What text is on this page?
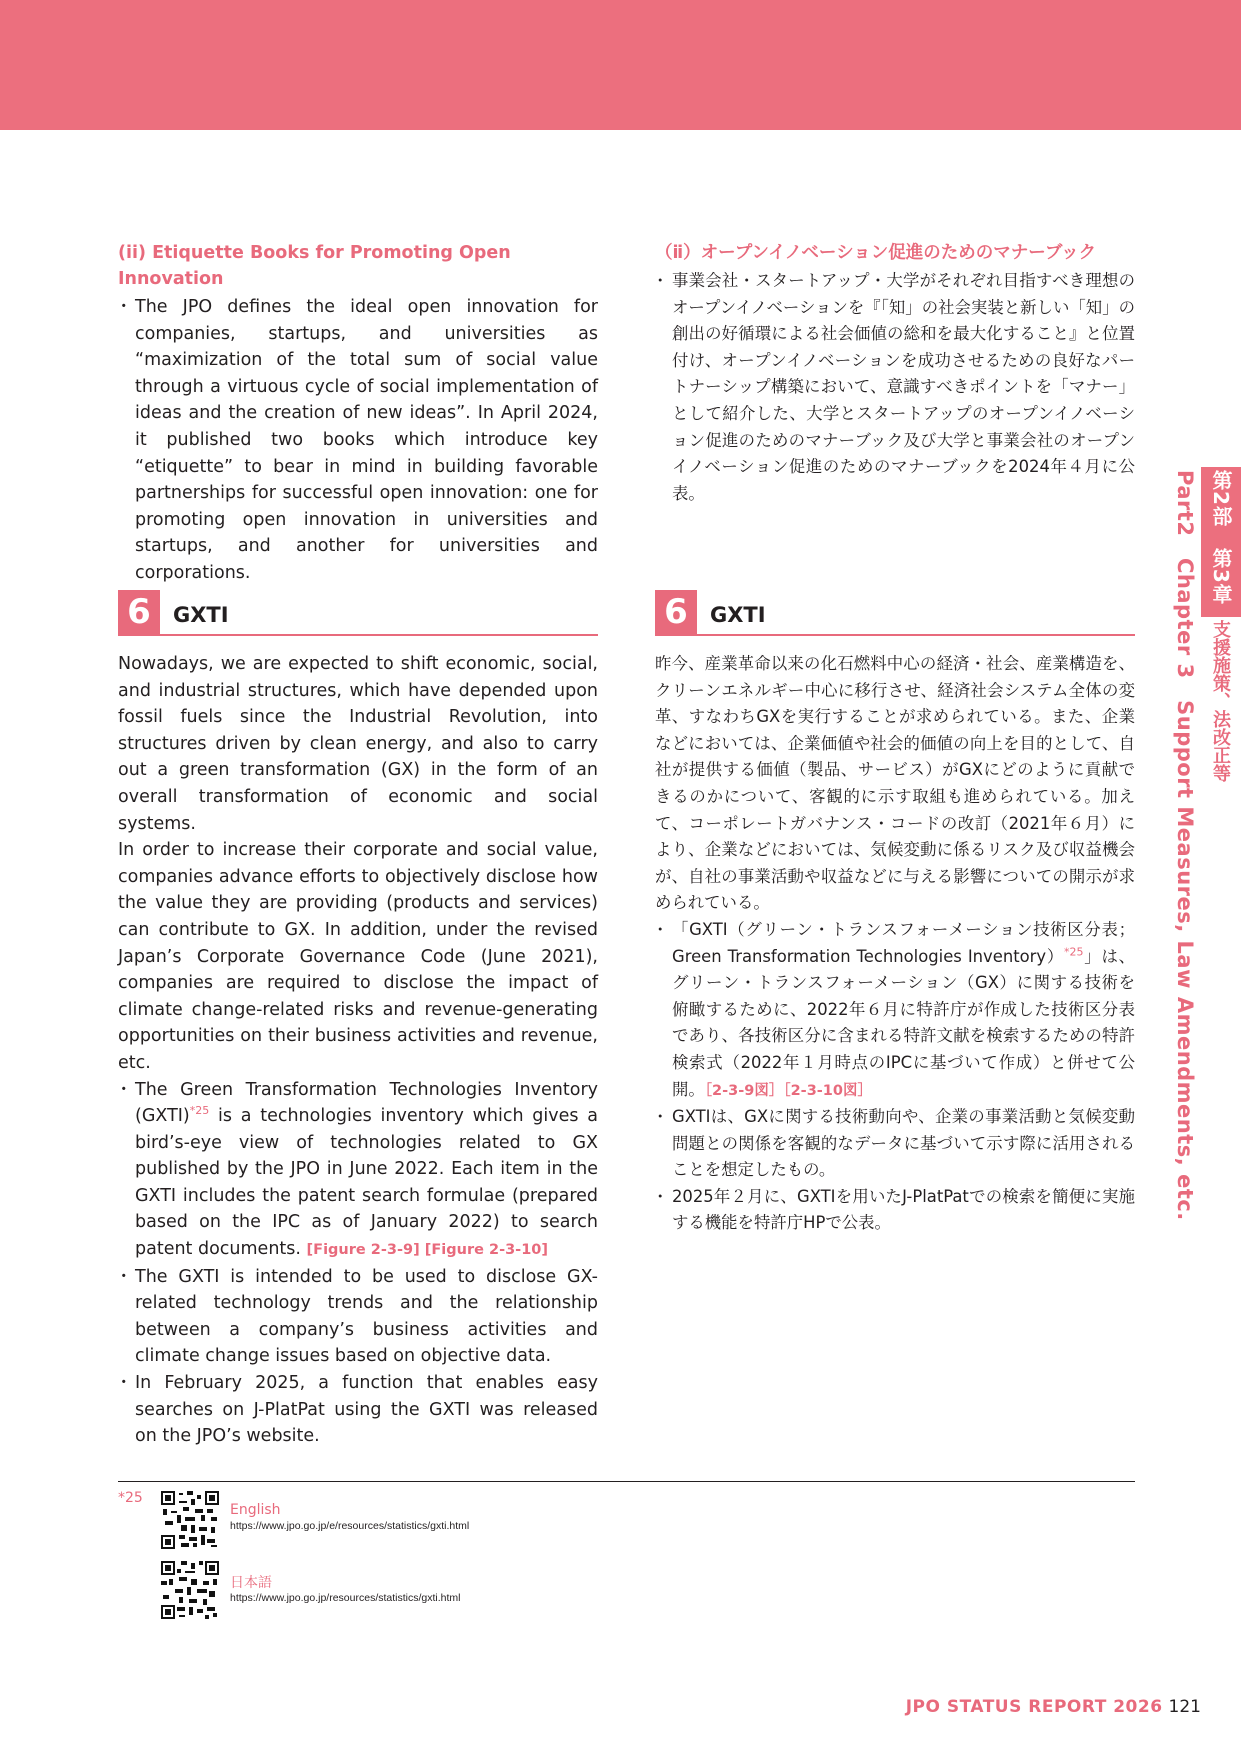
(ii) Etiquette Books for Promoting Open Innovation

・ The JPO defines the ideal open innovation for companies, startups, and universities as “maximization of the total sum of social value through a virtuous cycle of social implementation of ideas and the creation of new ideas”. In April 2024, it published two books which introduce key “etiquette” to bear in mind in building favorable partnerships for successful open innovation: one for promoting open innovation in universities and startups, and another for universities and corporations.

6	GXTI

Nowadays, we are expected to shift economic, social, and industrial structures, which have depended upon fossil fuels since the Industrial Revolution, into structures driven by clean energy, and also to carry out a green transformation (GX) in the form of an overall transformation of economic and social systems.

In order to increase their corporate and social value, companies advance efforts to objectively disclose how the value they are providing (products and services) can contribute to GX. In addition, under the revised Japan’s Corporate Governance Code (June 2021), companies are required to disclose the impact of climate change-related risks and revenue-generating opportunities on their business activities and revenue, etc.

・ The Green Transformation Technologies Inventory (GXTI)$^{*25}$ is a technologies inventory which gives a bird’s-eye view of technologies related to GX published by the JPO in June 2022. Each item in the GXTI includes the patent search formulae (prepared based on the IPC as of January 2022) to search patent documents. [Figure 2-3-9] [Figure 2-3-10]

・ The GXTI is intended to be used to disclose GX-related technology trends and the relationship between a company’s business activities and climate change issues based on objective data.

・ In February 2025, a function that enables easy searches on J-PlatPat using the GXTI was released on the JPO’s website.

（ⅱ）オープンイノベーション促進のためのマナーブック

・ 事業会社・スタートアップ・大学がそれぞれ目指すべき理想のオープンイノベーションを『「知」の社会実装と新しい「知」の創出の好循環による社会価値の総和を最大化すること』と位置付け、オープンイノベーションを成功させるための良好なパートナーシップ構築において、意識すべきポイントを「マナー」として紹介した、大学とスタートアップのオープンイノベーション促進のためのマナーブック及び大学と事業会社のオープンイノベーション促進のためのマナーブックを2024年４月に公表。

6	GXTI

昨今、産業革命以来の化石燃料中心の経済・社会、産業構造を、クリーンエネルギー中心に移行させ、経済社会システム全体の変革、すなわちGXを実行することが求められている。また、企業などにおいては、企業価値や社会的価値の向上を目的として、自社が提供する価値（製品、サービス）がGXにどのように貢献できるのかについて、客観的に示す取組も進められている。加えて、コーポレートガバナンス・コードの改訂（2021年６月）により、企業などにおいては、気候変動に係るリスク及び収益機会が、自社の事業活動や収益などに与える影響についての開示が求められている。

・ 「GXTI（グリーン・トランスフォーメーション技術区分表；Green Transformation Technologies Inventory）$^{*25}$」は、グリーン・トランスフォーメーション（GX）に関する技術を俯瞰するために、2022年６月に特許庁が作成した技術区分表であり、各技術区分に含まれる特許文献を検索するための特許検索式（2022年１月時点のIPCに基づいて作成）と併せて公開。［2-3-9図］［2-3-10図］

・ GXTIは、GXに関する技術動向や、企業の事業活動と気候変動問題との関係を客観的なデータに基づいて示す際に活用されることを想定したもの。

・ 2025年２月に、GXTIを用いたJ-PlatPatでの検索を簡便に実施する機能を特許庁HPで公表。

第2部　第3章
支援施策、法改正等
Part2　Chapter 3　Support Measures, Law Amendments, etc.
*25
English
https://www.jpo.go.jp/e/resources/statistics/gxti.html
日本語
https://www.jpo.go.jp/resources/statistics/gxti.html
JPO STATUS REPORT 2026 121
